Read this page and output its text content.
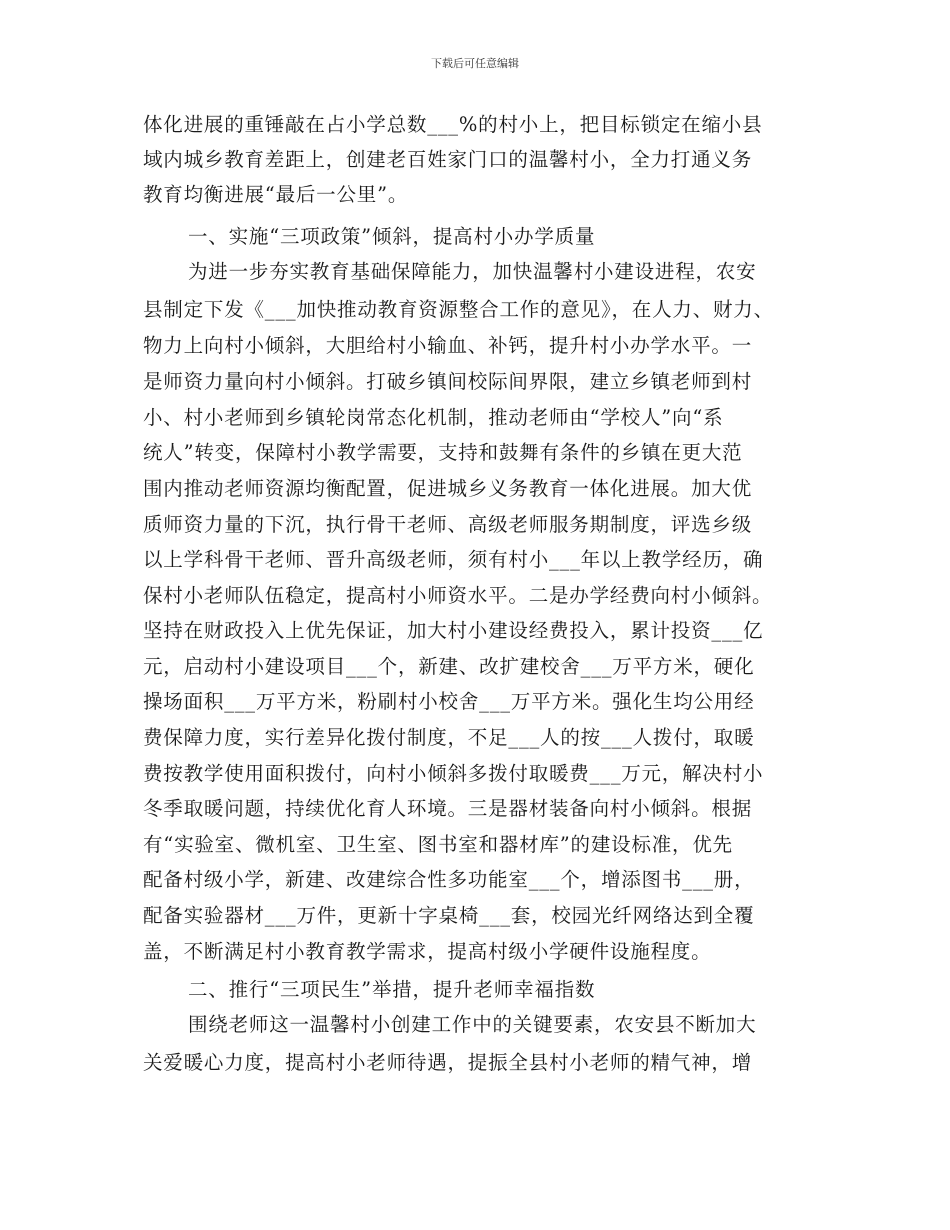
下载后可任意编辑
体化进展的重锤敲在占小学总数___%的村小上，把目标锁定在缩小县
域内城乡教育差距上，创建老百姓家门口的温馨村小，全力打通义务
教育均衡进展“最后一公里”。
一、实施“三项政策”倾斜，提高村小办学质量
为进一步夯实教育基础保障能力，加快温馨村小建设进程，农安
县制定下发《___加快推动教育资源整合工作的意见》，在人力、财力、
物力上向村小倾斜，大胆给村小输血、补钙，提升村小办学水平。一
是师资力量向村小倾斜。打破乡镇间校际间界限，建立乡镇老师到村
小、村小老师到乡镇轮岗常态化机制，推动老师由“学校人”向“系
统人”转变，保障村小教学需要，支持和鼓舞有条件的乡镇在更大范
围内推动老师资源均衡配置，促进城乡义务教育一体化进展。加大优
质师资力量的下沉，执行骨干老师、高级老师服务期制度，评选乡级
以上学科骨干老师、晋升高级老师，须有村小___年以上教学经历，确
保村小老师队伍稳定，提高村小师资水平。二是办学经费向村小倾斜。
坚持在财政投入上优先保证，加大村小建设经费投入，累计投资___亿
元，启动村小建设项目___个，新建、改扩建校舍___万平方米，硬化
操场面积___万平方米，粉刷村小校舍___万平方米。强化生均公用经
费保障力度，实行差异化拨付制度，不足___人的按___人拨付，取暖
费按教学使用面积拨付，向村小倾斜多拨付取暖费___万元，解决村小
冬季取暖问题，持续优化育人环境。三是器材装备向村小倾斜。根据
有“实验室、微机室、卫生室、图书室和器材库”的建设标准，优先
配备村级小学，新建、改建综合性多功能室___个，增添图书___册，
配备实验器材___万件，更新十字桌椅___套，校园光纤网络达到全覆
盖，不断满足村小教育教学需求，提高村级小学硬件设施程度。
二、推行“三项民生”举措，提升老师幸福指数
围绕老师这一温馨村小创建工作中的关键要素，农安县不断加大
关爱暖心力度，提高村小老师待遇，提振全县村小老师的精气神，增
